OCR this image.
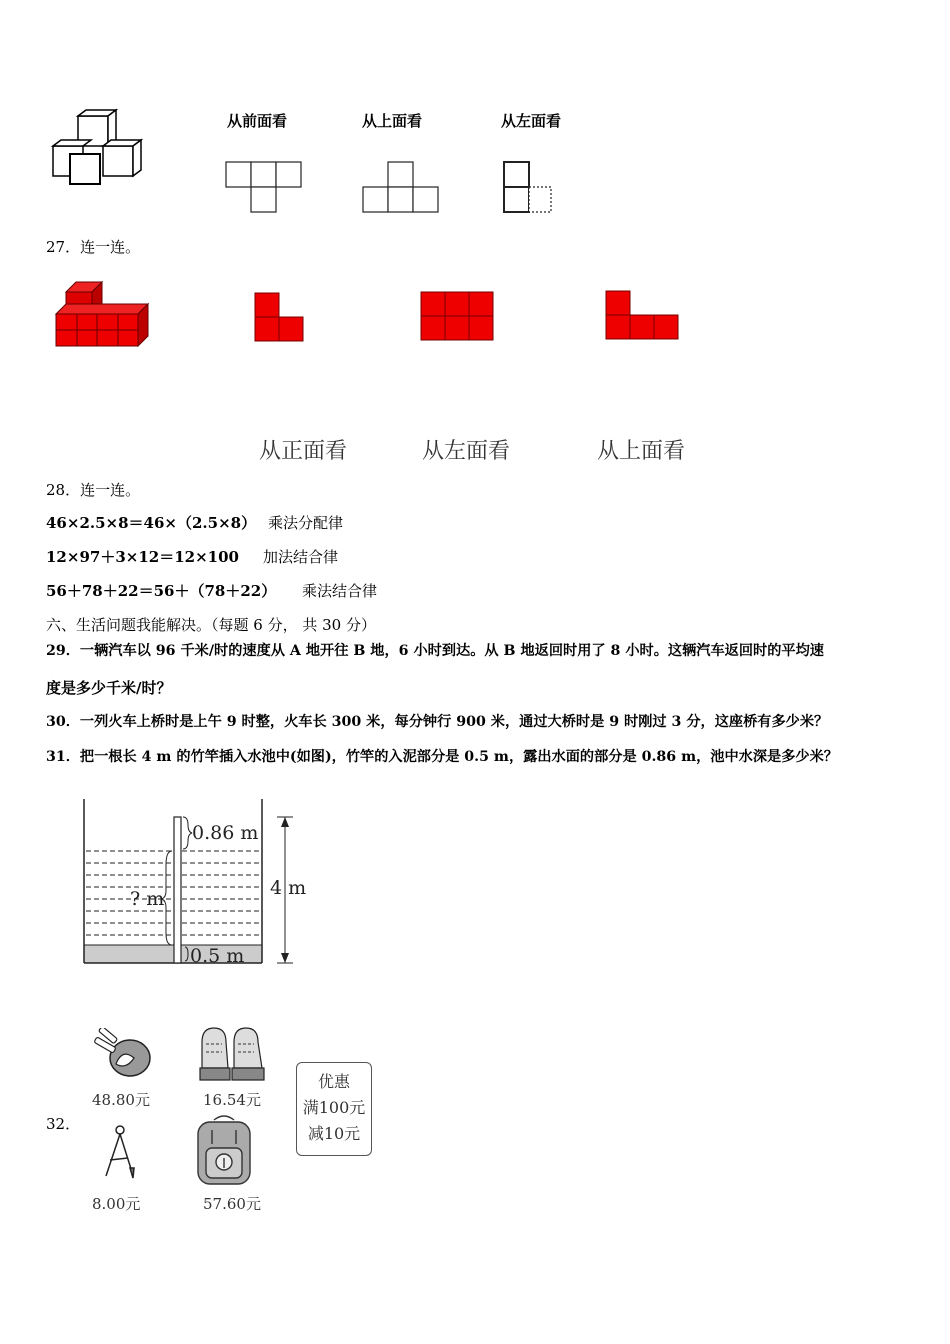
从前面看	从上面看	从左面看
27．连一连。
从正面看	从左面看	从上面看
28．连一连。
46×2.5×8＝46×（2.5×8） 乘法分配律
12×97＋3×12＝12×100 加法结合律
56＋78＋22＝56＋（78＋22） 乘法结合律
六、生活问题我能解决。（每题 6 分， 共 30 分）
29．一辆汽车以 96 千米/时的速度从 A 地开往 B 地，6 小时到达。从 B 地返回时用了 8 小时。这辆汽车返回时的平均速
度是多少千米/时？
30．一列火车上桥时是上午 9 时整，火车长 300 米，每分钟行 900 米，通过大桥时是 9 时刚过 3 分，这座桥有多少米？
31．把一根长 4 m 的竹竿插入水池中(如图)，竹竿的入泥部分是 0.5 m，露出水面的部分是 0.86 m，池中水深是多少米？
0.86 m
4 m
? m
0.5 m
32．
48.80元	16.54元
优惠
满100元
减10元
8.00元	57.60元
